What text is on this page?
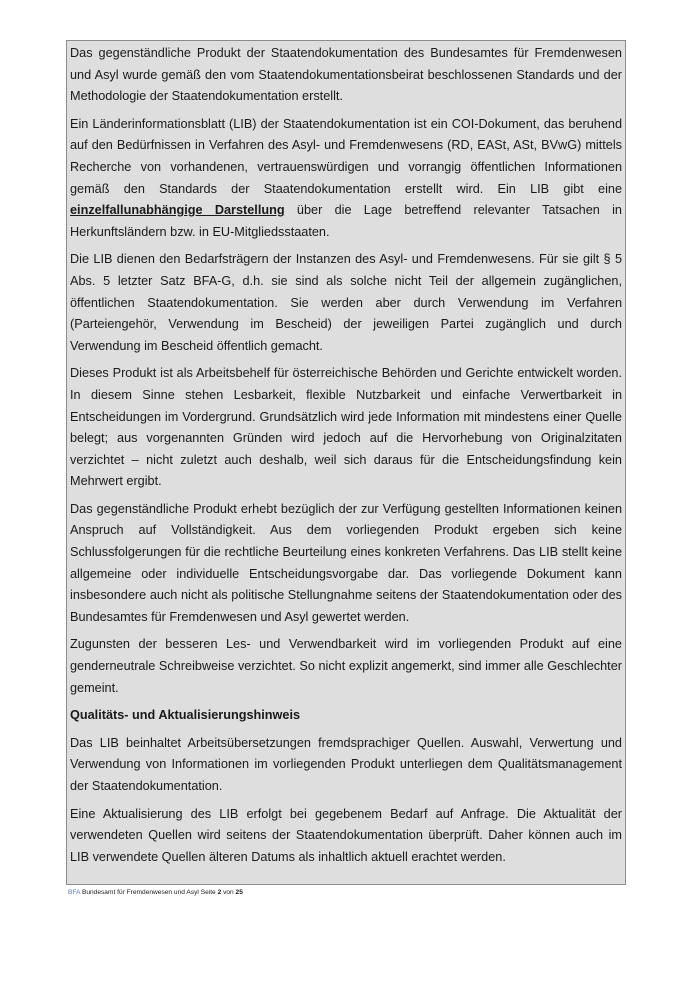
Das gegenständliche Produkt der Staatendokumentation des Bundesamtes für Fremdenwesen und Asyl wurde gemäß den vom Staatendokumentationsbeirat beschlossenen Standards und der Methodologie der Staatendokumentation erstellt.

Ein Länderinformationsblatt (LIB) der Staatendokumentation ist ein COI-Dokument, das beruhend auf den Bedürfnissen in Verfahren des Asyl- und Fremdenwesens (RD, EASt, ASt, BVwG) mittels Recherche von vorhandenen, vertrauenswürdigen und vorrangig öffentlichen Informationen gemäß den Standards der Staatendokumentation erstellt wird. Ein LIB gibt eine einzelfallunabhängige Darstellung über die Lage betreffend relevanter Tatsachen in Herkunftsländern bzw. in EU-Mitgliedsstaaten.

Die LIB dienen den Bedarfsträgern der Instanzen des Asyl- und Fremdenwesens. Für sie gilt § 5 Abs. 5 letzter Satz BFA-G, d.h. sie sind als solche nicht Teil der allgemein zugänglichen, öffentlichen Staatendokumentation. Sie werden aber durch Verwendung im Verfahren (Parteiengehör, Verwendung im Bescheid) der jeweiligen Partei zugänglich und durch Verwendung im Bescheid öffentlich gemacht.

Dieses Produkt ist als Arbeitsbehelf für österreichische Behörden und Gerichte entwickelt worden. In diesem Sinne stehen Lesbarkeit, flexible Nutzbarkeit und einfache Verwertbarkeit in Entscheidungen im Vordergrund. Grundsätzlich wird jede Information mit mindestens einer Quelle belegt; aus vorgenannten Gründen wird jedoch auf die Hervorhebung von Originalzitaten verzichtet – nicht zuletzt auch deshalb, weil sich daraus für die Entscheidungsfindung kein Mehrwert ergibt.

Das gegenständliche Produkt erhebt bezüglich der zur Verfügung gestellten Informationen keinen Anspruch auf Vollständigkeit. Aus dem vorliegenden Produkt ergeben sich keine Schlussfolgerungen für die rechtliche Beurteilung eines konkreten Verfahrens. Das LIB stellt keine allgemeine oder individuelle Entscheidungsvorgabe dar. Das vorliegende Dokument kann insbesondere auch nicht als politische Stellungnahme seitens der Staatendokumentation oder des Bundesamtes für Fremdenwesen und Asyl gewertet werden.

Zugunsten der besseren Les- und Verwendbarkeit wird im vorliegenden Produkt auf eine genderneutrale Schreibweise verzichtet. So nicht explizit angemerkt, sind immer alle Geschlechter gemeint.

Qualitäts- und Aktualisierungshinweis

Das LIB beinhaltet Arbeitsübersetzungen fremdsprachiger Quellen. Auswahl, Verwertung und Verwendung von Informationen im vorliegenden Produkt unterliegen dem Qualitätsmanagement der Staatendokumentation.

Eine Aktualisierung des LIB erfolgt bei gegebenem Bedarf auf Anfrage. Die Aktualität der verwendeten Quellen wird seitens der Staatendokumentation überprüft. Daher können auch im LIB verwendete Quellen älteren Datums als inhaltlich aktuell erachtet werden.

BFA Bundesamt für Fremdenwesen und Asyl Seite 2 von 25
